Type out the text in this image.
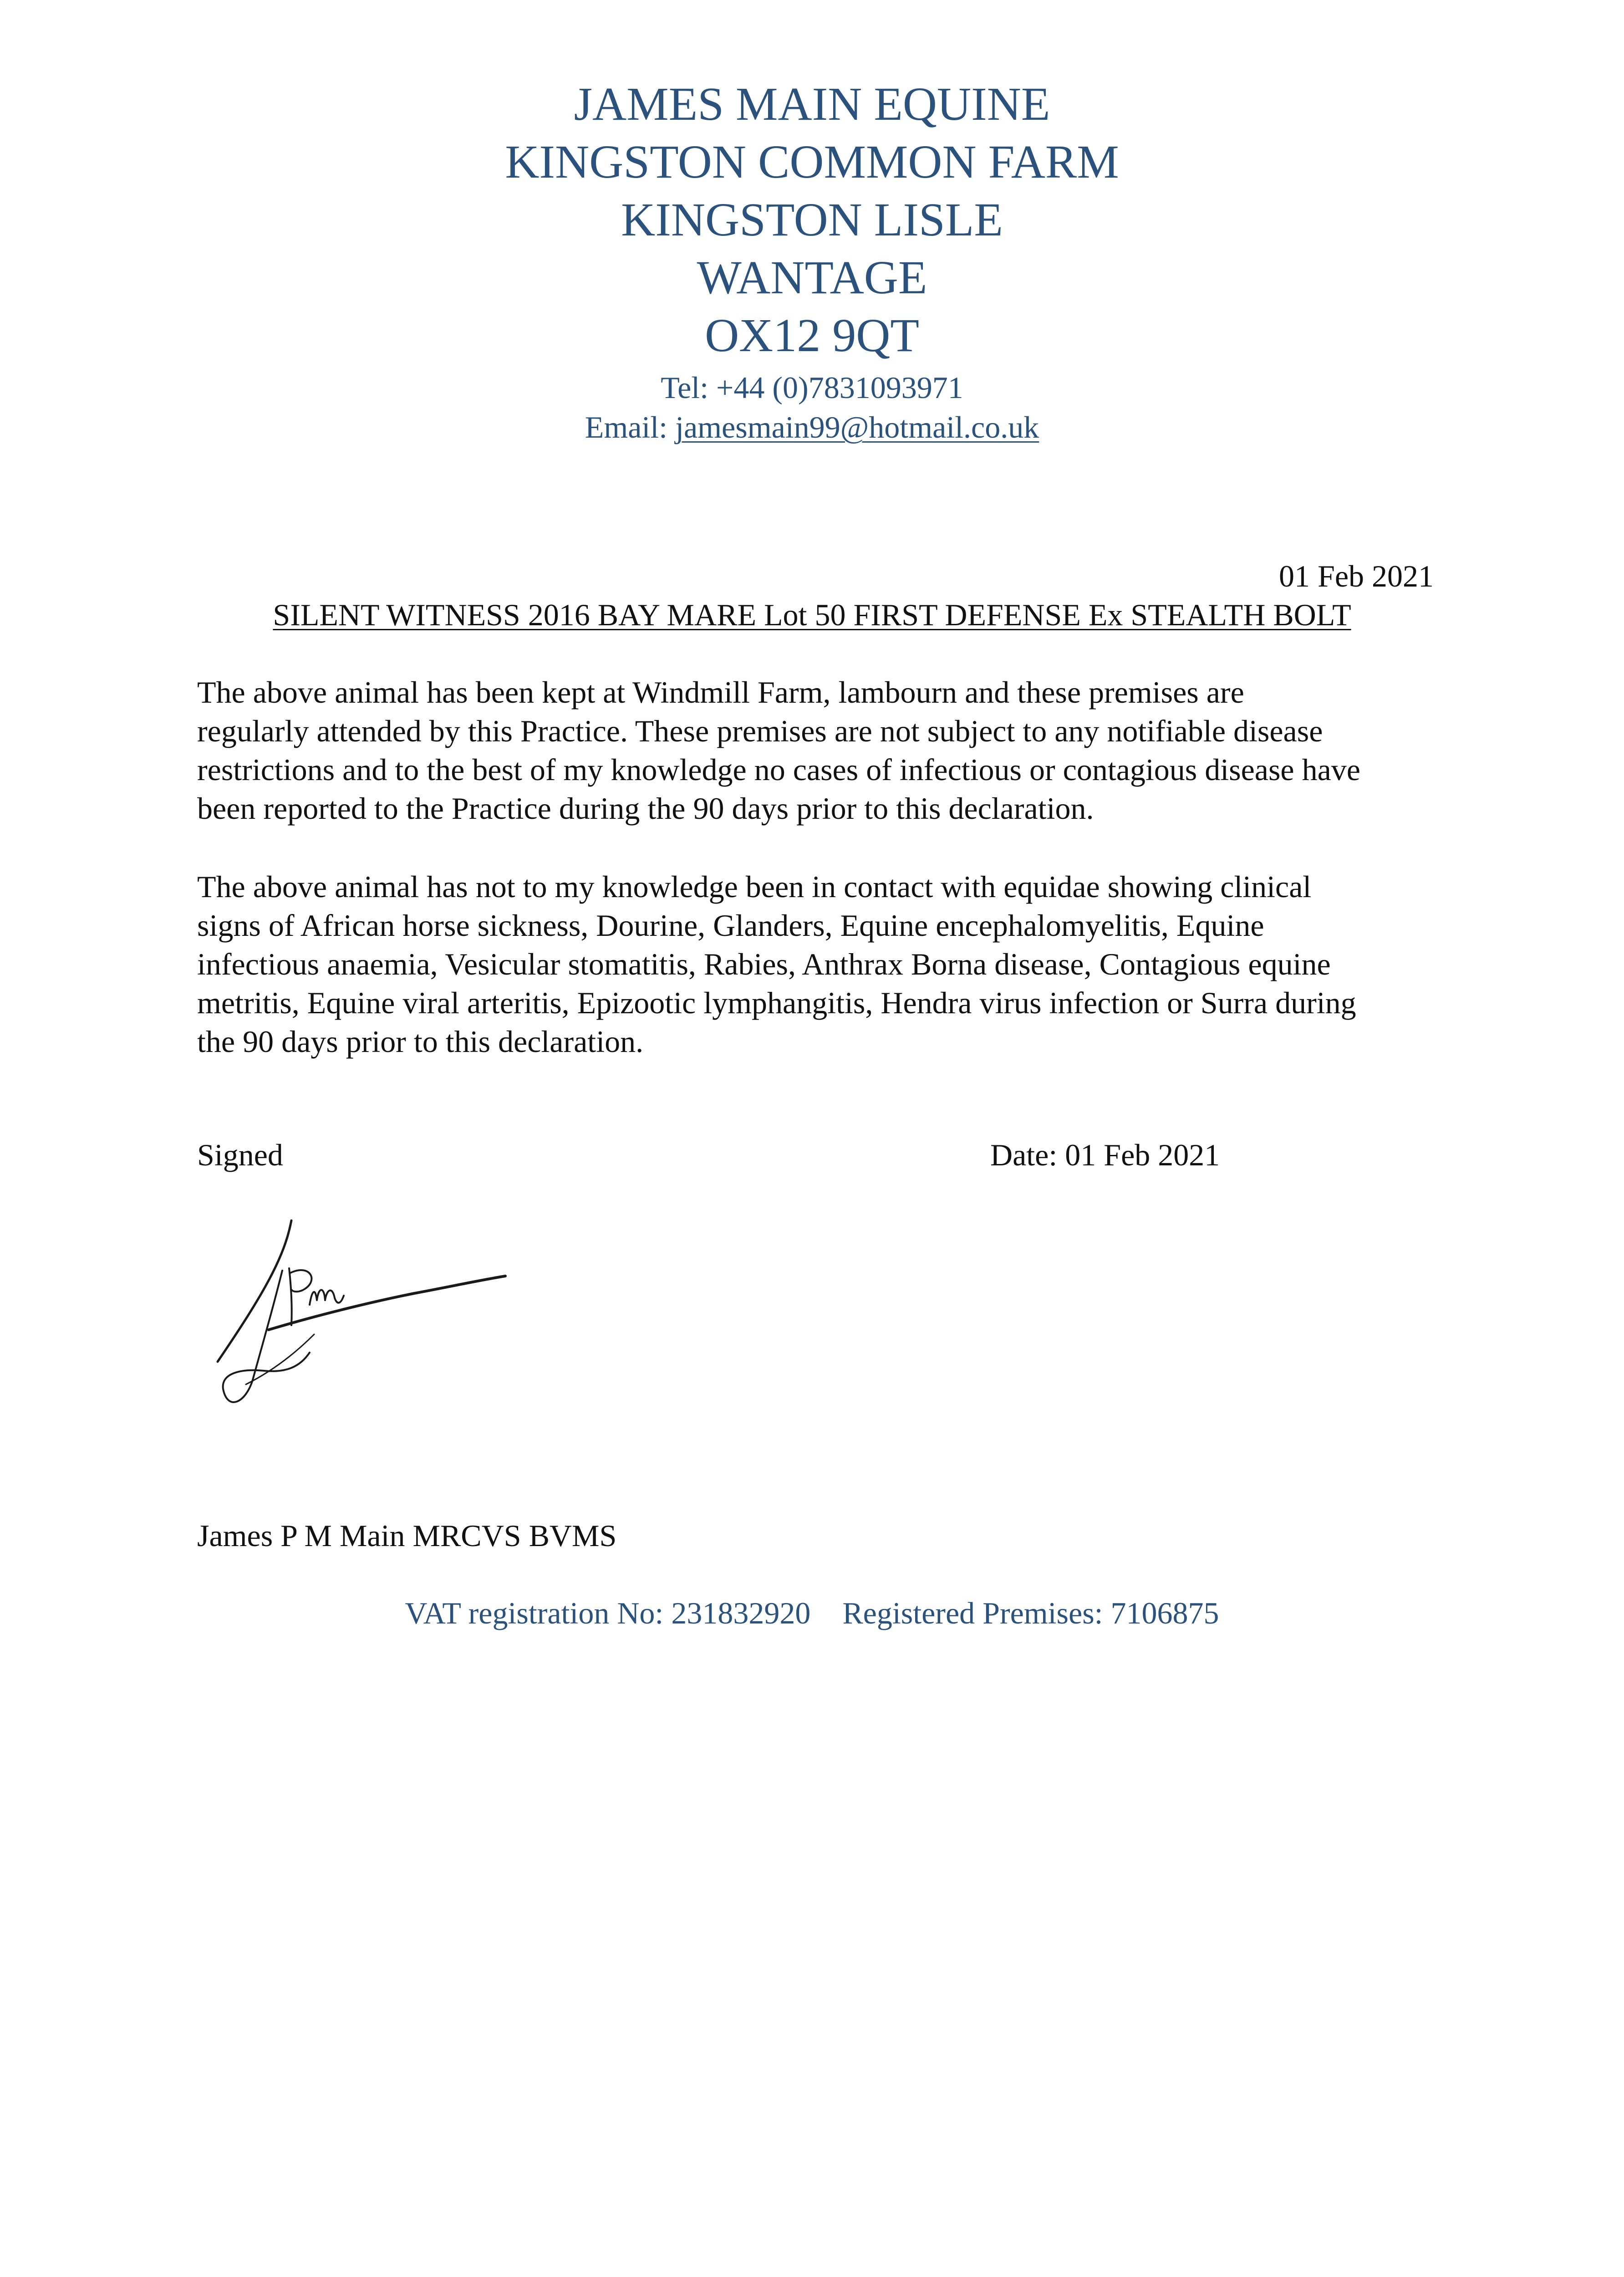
JAMES MAIN EQUINE
KINGSTON COMMON FARM
KINGSTON LISLE
WANTAGE
OX12 9QT
Tel: +44 (0)7831093971
Email: jamesmain99@hotmail.co.uk
01 Feb 2021
SILENT WITNESS 2016 BAY MARE Lot 50 FIRST DEFENSE Ex STEALTH BOLT

The above animal has been kept at Windmill Farm, lambourn and these premises are
regularly attended by this Practice. These premises are not subject to any notifiable disease
restrictions and to the best of my knowledge no cases of infectious or contagious disease have
been reported to the Practice during the 90 days prior to this declaration.

The above animal has not to my knowledge been in contact with equidae showing clinical
signs of African horse sickness, Dourine, Glanders, Equine encephalomyelitis, Equine
infectious anaemia, Vesicular stomatitis, Rabies, Anthrax Borna disease, Contagious equine
metritis, Equine viral arteritis, Epizootic lymphangitis, Hendra virus infection or Surra during
the 90 days prior to this declaration.

Signed	Date: 01 Feb 2021
James P M Main MRCVS BVMS
VAT registration No: 231832920 Registered Premises: 7106875
